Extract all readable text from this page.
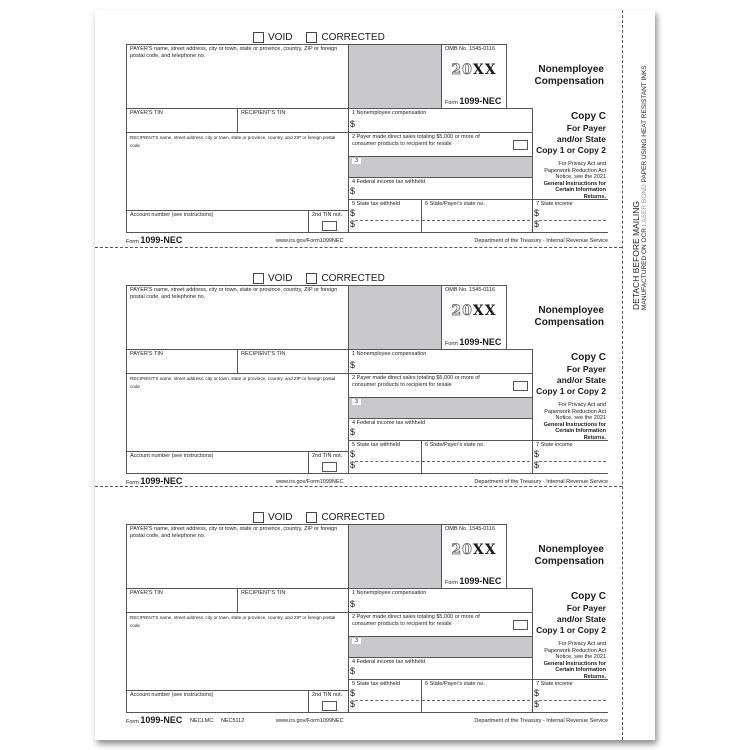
DETACH BEFORE MAILING MANUFACTURED ON OCR LASER BOND PAPER USING HEAT RESISTANT INKS
VOID	CORRECTED
PAYER'S name, street address, city or town, state or province, country, ZIP or foreign postal code, and telephone no.
OMB No. 1545-0116
20XX
Form 1099-NEC
Nonemployee
Compensation
PAYER'S TIN	RECIPIENT'S TIN
RECIPIENT'S name, street address, city or town, state or province, country, and ZIP or foreign postal code
Account number (see instructions)	2nd TIN not.
1 Nonemployee compensation
$
2 Payer made direct sales totaling $5,000 or more of consumer products to recipient for resale
3
4 Federal income tax withheld
$
5 State tax withheld
$
$
6 State/Payer's state no.	7 State income
$
$
Copy C
For Payer
and/or State
Copy 1 or Copy 2
For Privacy Act and Paperwork Reduction Act Notice, see the 2021
General Instructions for Certain Information Returns.
Form 1099-NEC	www.irs.gov/Form1099NEC	Department of the Treasury - Internal Revenue Service
VOID	CORRECTED
PAYER'S name, street address, city or town, state or province, country, ZIP or foreign postal code, and telephone no.
OMB No. 1545-0116
20XX
Form 1099-NEC
Nonemployee
Compensation
PAYER'S TIN	RECIPIENT'S TIN
RECIPIENT'S name, street address, city or town, state or province, country, and ZIP or foreign postal code
Account number (see instructions)	2nd TIN not.
1 Nonemployee compensation
$
2 Payer made direct sales totaling $5,000 or more of consumer products to recipient for resale
3
4 Federal income tax withheld
$
5 State tax withheld
$
$
6 State/Payer's state no.	7 State income
$
$
Copy C
For Payer
and/or State
Copy 1 or Copy 2
For Privacy Act and Paperwork Reduction Act Notice, see the 2021
General Instructions for Certain Information Returns.
Form 1099-NEC	www.irs.gov/Form1099NEC	Department of the Treasury - Internal Revenue Service
VOID	CORRECTED
PAYER'S name, street address, city or town, state or province, country, ZIP or foreign postal code, and telephone no.
OMB No. 1545-0116
20XX
Form 1099-NEC
Nonemployee
Compensation
PAYER'S TIN	RECIPIENT'S TIN
RECIPIENT'S name, street address, city or town, state or province, country, and ZIP or foreign postal code
Account number (see instructions)	2nd TIN not.
1 Nonemployee compensation
$
2 Payer made direct sales totaling $5,000 or more of consumer products to recipient for resale
3
4 Federal income tax withheld
$
5 State tax withheld
$
$
6 State/Payer's state no.	7 State income
$
$
Copy C
For Payer
and/or State
Copy 1 or Copy 2
For Privacy Act and Paperwork Reduction Act Notice, see the 2021
General Instructions for Certain Information Returns.
Form 1099-NEC NECLMC     NEC5112	www.irs.gov/Form1099NEC	Department of the Treasury - Internal Revenue Service
